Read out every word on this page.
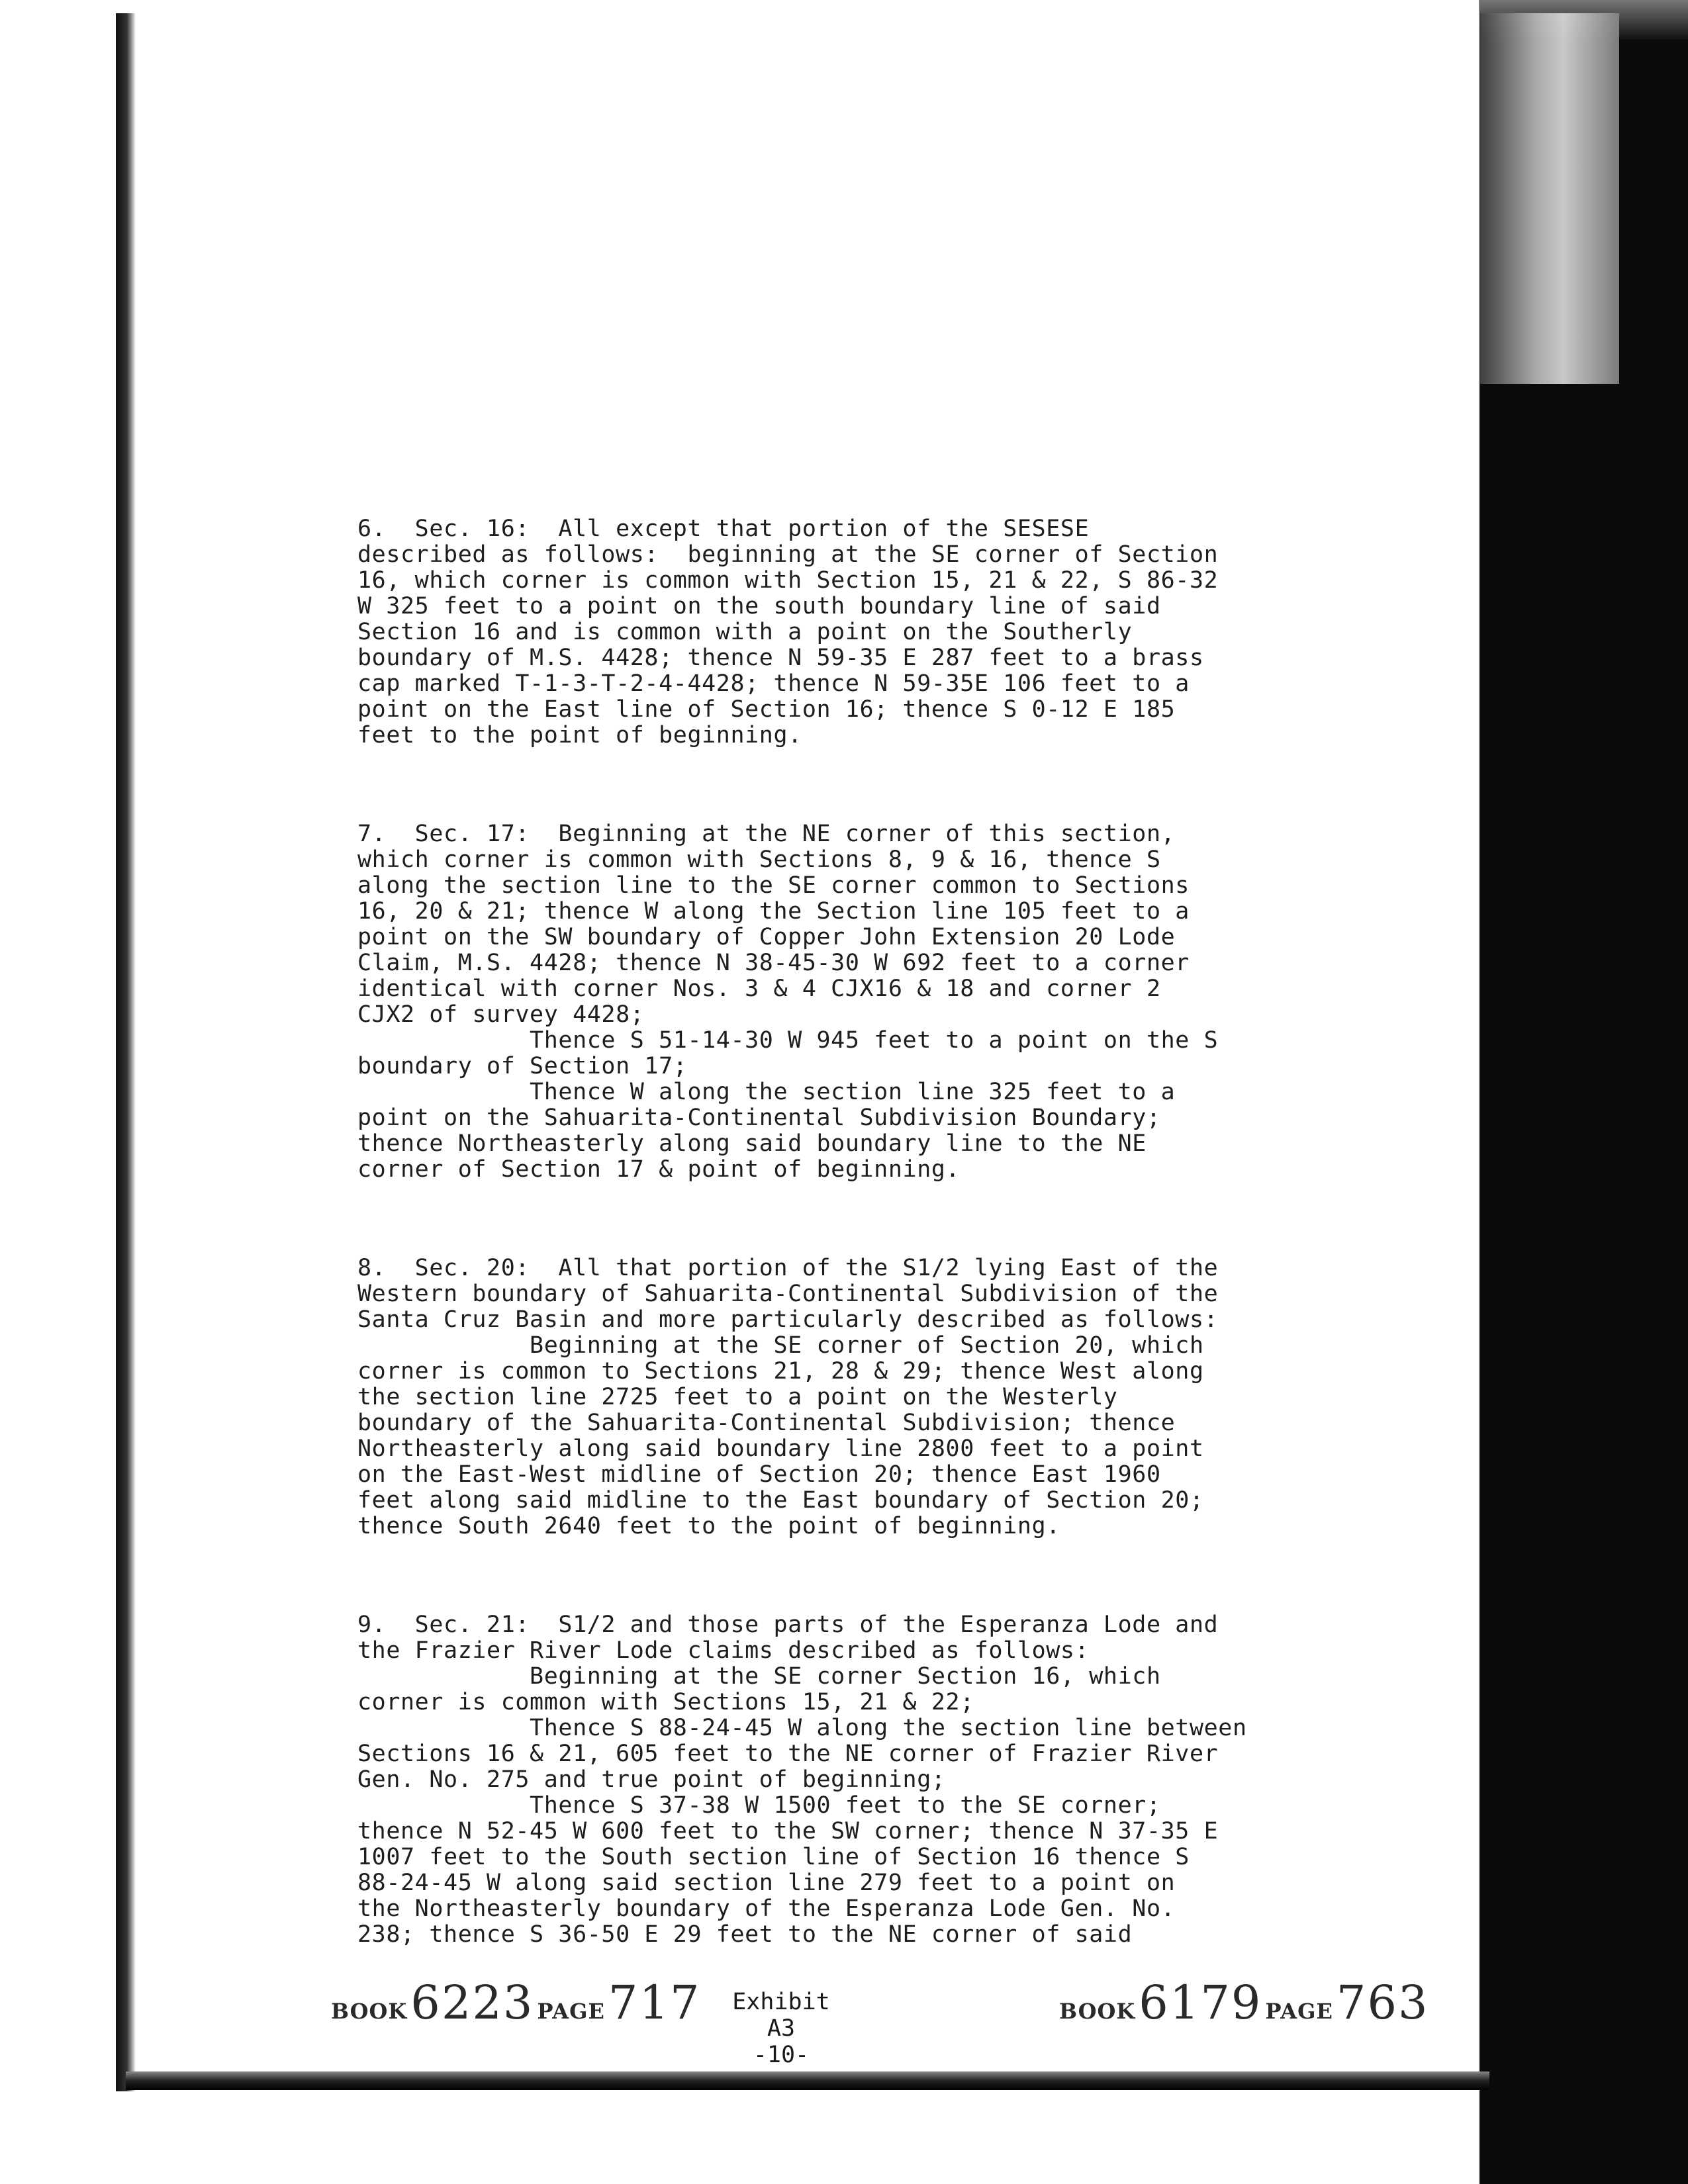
6.  Sec. 16:  All except that portion of the SESESE
described as follows:  beginning at the SE corner of Section
16, which corner is common with Section 15, 21 & 22, S 86-32
W 325 feet to a point on the south boundary line of said
Section 16 and is common with a point on the Southerly
boundary of M.S. 4428; thence N 59-35 E 287 feet to a brass
cap marked T-1-3-T-2-4-4428; thence N 59-35E 106 feet to a
point on the East line of Section 16; thence S 0-12 E 185
feet to the point of beginning.
7.  Sec. 17:  Beginning at the NE corner of this section,
which corner is common with Sections 8, 9 & 16, thence S
along the section line to the SE corner common to Sections
16, 20 & 21; thence W along the Section line 105 feet to a
point on the SW boundary of Copper John Extension 20 Lode
Claim, M.S. 4428; thence N 38-45-30 W 692 feet to a corner
identical with corner Nos. 3 & 4 CJX16 & 18 and corner 2
CJX2 of survey 4428;
Thence S 51-14-30 W 945 feet to a point on the S
boundary of Section 17;
Thence W along the section line 325 feet to a
point on the Sahuarita-Continental Subdivision Boundary;
thence Northeasterly along said boundary line to the NE
corner of Section 17 & point of beginning.
8.  Sec. 20:  All that portion of the S1/2 lying East of the
Western boundary of Sahuarita-Continental Subdivision of the
Santa Cruz Basin and more particularly described as follows:
Beginning at the SE corner of Section 20, which
corner is common to Sections 21, 28 & 29; thence West along
the section line 2725 feet to a point on the Westerly
boundary of the Sahuarita-Continental Subdivision; thence
Northeasterly along said boundary line 2800 feet to a point
on the East-West midline of Section 20; thence East 1960
feet along said midline to the East boundary of Section 20;
thence South 2640 feet to the point of beginning.
9.  Sec. 21:  S1/2 and those parts of the Esperanza Lode and
the Frazier River Lode claims described as follows:
Beginning at the SE corner Section 16, which
corner is common with Sections 15, 21 & 22;
Thence S 88-24-45 W along the section line between
Sections 16 & 21, 605 feet to the NE corner of Frazier River
Gen. No. 275 and true point of beginning;
Thence S 37-38 W 1500 feet to the SE corner;
thence N 52-45 W 600 feet to the SW corner; thence N 37-35 E
1007 feet to the South section line of Section 16 thence S
88-24-45 W along said section line 279 feet to a point on
the Northeasterly boundary of the Esperanza Lode Gen. No.
238; thence S 36-50 E 29 feet to the NE corner of said
BOOK 6223 PAGE 717	Exhibit A3
-10-
BOOK 6179 PAGE 763
